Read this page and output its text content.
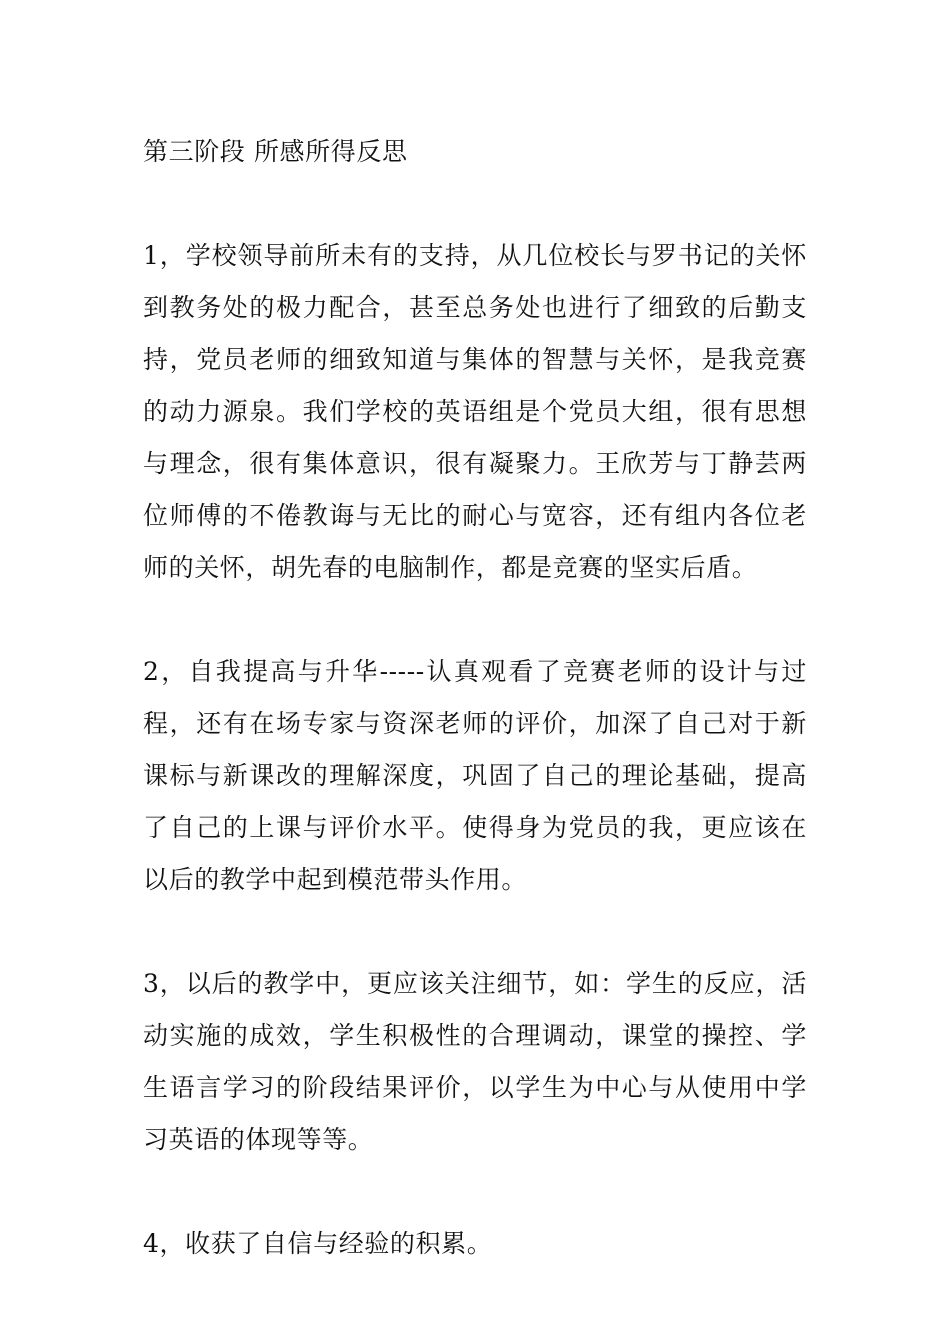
第三阶段 所感所得反思

1，学校领导前所未有的支持，从几位校长与罗书记的关怀到教务处的极力配合，甚至总务处也进行了细致的后勤支持，党员老师的细致知道与集体的智慧与关怀，是我竞赛的动力源泉。我们学校的英语组是个党员大组，很有思想与理念，很有集体意识，很有凝聚力。王欣芳与丁静芸两位师傅的不倦教诲与无比的耐心与宽容，还有组内各位老师的关怀，胡先春的电脑制作，都是竞赛的坚实后盾。

2，自我提高与升华-----认真观看了竞赛老师的设计与过程，还有在场专家与资深老师的评价，加深了自己对于新课标与新课改的理解深度，巩固了自己的理论基础，提高了自己的上课与评价水平。使得身为党员的我，更应该在以后的教学中起到模范带头作用。

3，以后的教学中，更应该关注细节，如：学生的反应，活动实施的成效，学生积极性的合理调动，课堂的操控、学生语言学习的阶段结果评价，以学生为中心与从使用中学习英语的体现等等。

4，收获了自信与经验的积累。
